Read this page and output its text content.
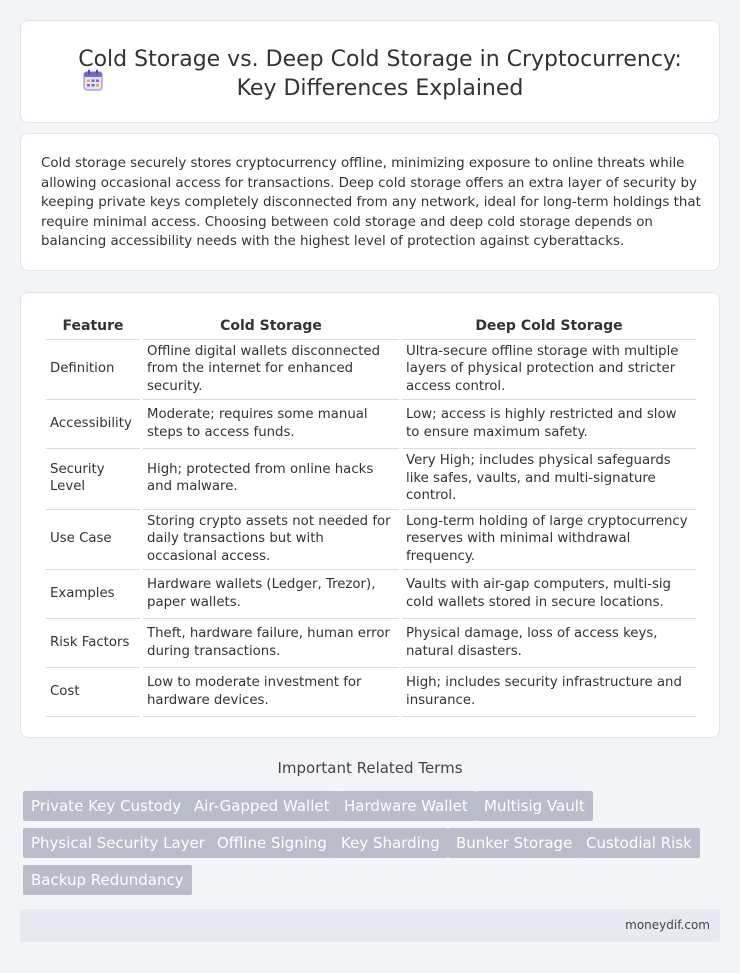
Cold Storage vs. Deep Cold Storage in Cryptocurrency:
Key Differences Explained

Cold storage securely stores cryptocurrency offline, minimizing exposure to online threats while allowing occasional access for transactions. Deep cold storage offers an extra layer of security by keeping private keys completely disconnected from any network, ideal for long-term holdings that require minimal access. Choosing between cold storage and deep cold storage depends on balancing accessibility needs with the highest level of protection against cyberattacks.

Feature	Cold Storage	Deep Cold Storage
Definition	Offline digital wallets disconnected from the internet for enhanced security.	Ultra-secure offline storage with multiple layers of physical protection and stricter access control.
Accessibility	Moderate; requires some manual steps to access funds.	Low; access is highly restricted and slow to ensure maximum safety.
Security Level	High; protected from online hacks and malware.	Very High; includes physical safeguards like safes, vaults, and multi-signature control.
Use Case	Storing crypto assets not needed for daily transactions but with occasional access.	Long-term holding of large cryptocurrency reserves with minimal withdrawal frequency.
Examples	Hardware wallets (Ledger, Trezor), paper wallets.	Vaults with air-gap computers, multi-sig cold wallets stored in secure locations.
Risk Factors	Theft, hardware failure, human error during transactions.	Physical damage, loss of access keys, natural disasters.
Cost	Low to moderate investment for hardware devices.	High; includes security infrastructure and insurance.
Important Related Terms
Private Key Custody Air-Gapped Wallet Hardware Wallet	Multisig Vault
Physical Security Layer Offline Signing Key Sharding	Bunker Storage Custodial Risk
Backup Redundancy
moneydif.com
